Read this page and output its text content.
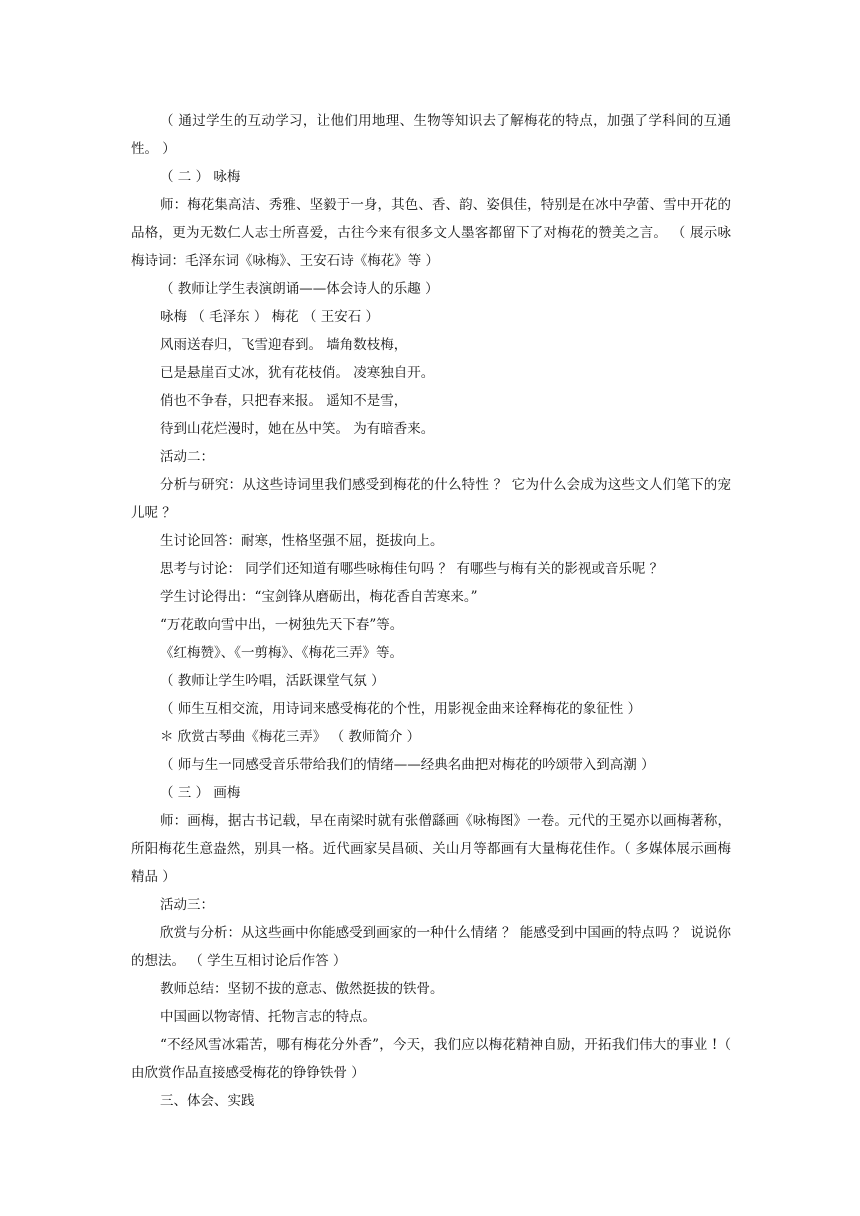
（ 通过学生的互动学习，让他们用地理、生物等知识去了解梅花的特点，加强了学科间的互通性。 ）

（ 二 ） 咏梅

师：梅花集高洁、秀雅、坚毅于一身，其色、香、韵、姿俱佳，特别是在冰中孕蕾、雪中开花的品格，更为无数仁人志士所喜爱，古往今来有很多文人墨客都留下了对梅花的赞美之言。 （ 展示咏梅诗词：毛泽东词《咏梅》、王安石诗《梅花》等 ）

（ 教师让学生表演朗诵——体会诗人的乐趣 ）

咏梅 （ 毛泽东 ） 梅花 （ 王安石 ）

风雨送春归，飞雪迎春到。 墙角数枝梅，

已是悬崖百丈冰，犹有花枝俏。 凌寒独自开。

俏也不争春，只把春来报。 遥知不是雪，

待到山花烂漫时，她在丛中笑。 为有暗香来。

活动二：

分析与研究：从这些诗词里我们感受到梅花的什么特性 ？ 它为什么会成为这些文人们笔下的宠儿呢 ？

生讨论回答：耐寒，性格坚强不屈，挺拔向上。

思考与讨论： 同学们还知道有哪些咏梅佳句吗 ？ 有哪些与梅有关的影视或音乐呢 ？

学生讨论得出：“宝剑锋从磨砺出，梅花香自苦寒来。”

“万花敢向雪中出，一树独先天下春”等。

《红梅赞》、《一剪梅》、《梅花三弄》等。

（ 教师让学生吟唱，活跃课堂气氛 ）

（ 师生互相交流，用诗词来感受梅花的个性，用影视金曲来诠释梅花的象征性 ）

＊ 欣赏古琴曲《梅花三弄》 （ 教师简介 ）

（ 师与生一同感受音乐带给我们的情绪——经典名曲把对梅花的吟颂带入到高潮 ）

（ 三 ） 画梅

师：画梅，据古书记载，早在南梁时就有张僧繇画《咏梅图》一卷。元代的王冕亦以画梅著称，所阳梅花生意盎然，别具一格。近代画家吴昌硕、关山月等都画有大量梅花佳作。（ 多媒体展示画梅精品 ）

活动三：

欣赏与分析：从这些画中你能感受到画家的一种什么情绪 ？ 能感受到中国画的特点吗 ？ 说说你的想法。 （ 学生互相讨论后作答 ）

教师总结：坚韧不拔的意志、傲然挺拔的铁骨。

中国画以物寄情、托物言志的特点。

“不经风雪冰霜苦，哪有梅花分外香”，今天，我们应以梅花精神自励，开拓我们伟大的事业 !（ 由欣赏作品直接感受梅花的铮铮铁骨 ）

三、体会、实践
